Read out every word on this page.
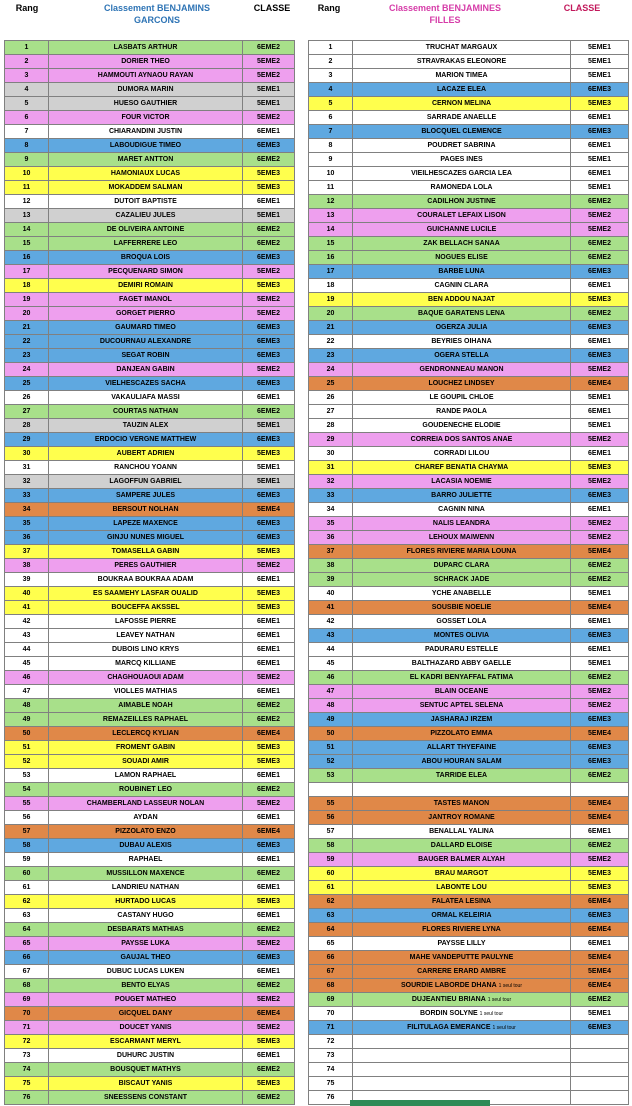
Rang	Classement BENJAMINS GARCONS
CLASSE	Rang	Classement BENJAMINES FILLES
CLASSE
1	LASBATS ARTHUR	6EME2
2	DORIER THEO	5EME2
3	HAMMOUTI AYNAOU RAYAN	5EME2
4	DUMORA MARIN	5EME1
5	HUESO GAUTHIER	5EME1
6	FOUR VICTOR	5EME2
7	CHIARANDINI JUSTIN	6EME1
8	LABOUDIGUE TIMEO	6EME3
9	MARET ANTTON	6EME2
10	HAMONIAUX LUCAS	5EME3
11	MOKADDEM SALMAN	5EME3
12	DUTOIT BAPTISTE	6EME1
13	CAZALIEU JULES	5EME1
14	DE OLIVEIRA ANTOINE	6EME2
15	LAFFERRERE LEO	6EME2
16	BROQUA LOIS	6EME3
17	PECQUENARD SIMON	5EME2
18	DEMIRI ROMAIN	5EME3
19	FAGET IMANOL	5EME2
20	GORGET PIERRO	5EME2
21	GAUMARD TIMEO	6EME3
22	DUCOURNAU ALEXANDRE	6EME3
23	SEGAT ROBIN	6EME3
24	DANJEAN GABIN	5EME2
25	VIELHESCAZES SACHA	6EME3
26	VAKAULIAFA MASSI	6EME1
27	COURTAS NATHAN	6EME2
28	TAUZIN ALEX	5EME1
29	ERDOCIO VERGNE MATTHEW	6EME3
30	AUBERT ADRIEN	5EME3
31	RANCHOU YOANN	5EME1
32	LAGOFFUN GABRIEL	5EME1
33	SAMPERE JULES	6EME3
34	BERSOUT NOLHAN	5EME4
35	LAPEZE MAXENCE	6EME3
36	GINJU NUNES MIGUEL	6EME3
37	TOMASELLA GABIN	5EME3
38	PERES GAUTHIER	5EME2
39	BOUKRAA BOUKRAA ADAM	6EME1
40	ES SAAMEHY LASFAR OUALID	5EME3
41	BOUCEFFA AKSSEL	5EME3
42	LAFOSSE PIERRE	6EME1
43	LEAVEY NATHAN	6EME1
44	DUBOIS LINO KRYS	6EME1
45	MARCQ KILLIANE	6EME1
46	CHAGHOUAOUI ADAM	5EME2
47	VIOLLES MATHIAS	6EME1
48	AIMABLE NOAH	6EME2
49	REMAZEILLES RAPHAEL	6EME2
50	LECLERCQ KYLIAN	6EME4
51	FROMENT GABIN	5EME3
52	SOUADI AMIR	5EME3
53	LAMON RAPHAEL	6EME1
54	ROUBINET LEO	6EME2
55	CHAMBERLAND LASSEUR NOLAN	5EME2
56	AYDAN	6EME1
57	PIZZOLATO ENZO	6EME4
58	DUBAU ALEXIS	6EME3
59	RAPHAEL	6EME1
60	MUSSILLON MAXENCE	6EME2
61	LANDRIEU NATHAN	6EME1
62	HURTADO LUCAS	5EME3
63	CASTANY HUGO	6EME1
64	DESBARATS MATHIAS	6EME2
65	PAYSSE LUKA	5EME2
66	GAUJAL THEO	6EME3
67	DUBUC LUCAS LUKEN	6EME1
68	BENTO ELYAS	6EME2
69	POUGET MATHEO	5EME2
70	GICQUEL DANY	6EME4
71	DOUCET YANIS	5EME2
72	ESCARMANT MERYL	5EME3
73	DUHURC JUSTIN	6EME1
74	BOUSQUET MATHYS	6EME2
75	BISCAUT YANIS	5EME3
76	SNEESSENS CONSTANT	6EME2
1	TRUCHAT MARGAUX	5EME1
2	STRAVRAKAS ELEONORE	5EME1
3	MARION TIMEA	5EME1
4	LACAZE ELEA	6EME3
5	CERNON MELINA	5EME3
6	SARRADE ANAELLE	6EME1
7	BLOCQUEL CLEMENCE	6EME3
8	POUDRET SABRINA	6EME1
9	PAGES INES	5EME1
10	VIEILHESCAZES GARCIA LEA	6EME1
11	RAMONEDA LOLA	5EME1
12	CADILHON JUSTINE	6EME2
13	COURALET LEFAIX LISON	5EME2
14	GUICHANNE LUCILE	5EME2
15	ZAK BELLACH SANAA	6EME2
16	NOGUES ELISE	6EME2
17	BARBE LUNA	6EME3
18	CAGNIN CLARA	6EME1
19	BEN ADDOU NAJAT	5EME3
20	BAQUE GARATENS LENA	6EME2
21	OGERZA JULIA	6EME3
22	BEYRIES OIHANA	6EME1
23	OGERA STELLA	6EME3
24	GENDRONNEAU MANON	5EME2
25	LOUCHEZ LINDSEY	6EME4
26	LE GOUPIL CHLOE	5EME1
27	RANDE PAOLA	6EME1
28	GOUDENECHE ELODIE	5EME1
29	CORREIA DOS SANTOS ANAE	5EME2
30	CORRADI LILOU	6EME1
31	CHAREF BENATIA CHAYMA	5EME3
32	LACASIA NOEMIE	5EME2
33	BARRO JULIETTE	6EME3
34	CAGNIN NINA	6EME1
35	NALIS LEANDRA	5EME2
36	LEHOUX MAIWENN	5EME2
37	FLORES RIVIERE MARIA LOUNA	5EME4
38	DUPARC CLARA	6EME2
39	SCHRACK JADE	6EME2
40	YCHE ANABELLE	5EME1
41	SOUSBIE NOELIE	5EME4
42	GOSSET LOLA	6EME1
43	MONTES OLIVIA	6EME3
44	PADURARU ESTELLE	6EME1
45	BALTHAZARD ABBY GAELLE	5EME1
46	EL KADRI BENYAFFAL FATIMA	6EME2
47	BLAIN OCEANE	5EME2
48	SENTUC APTEL SELENA	5EME2
49	JASHARAJ IRZEM	6EME3
50	PIZZOLATO EMMA	5EME4
51	ALLART THYEFAINE	6EME3
52	ABOU HOURAN SALAM	6EME3
53	TARRIDE ELEA	6EME2

55	TASTES MANON	5EME4
56	JANTROY ROMANE	5EME4
57	BENALLAL YALINA	6EME1
58	DALLARD ELOISE	6EME2
59	BAUGER BALMER ALYAH	5EME2
60	BRAU MARGOT	5EME3
61	LABONTE LOU	5EME3
62	FALATEA LESINA	6EME4
63	ORMAL KELEIRIA	6EME3
64	FLORES RIVIERE LYNA	6EME4
65	PAYSSE LILLY	6EME1
66	MAHE VANDEPUTTE PAULYNE	5EME4
67	CARRERE ERARD AMBRE	5EME4
68	SOURDIE LABORDE DHANA 1 seul tour	6EME4
69	DUJEANTIEU BRIANA 1 seul tour	6EME2
70	BORDIN SOLYNE 1 seul tour	5EME1
71	FILITULAGA EMERANCE 1 seul tour	6EME3
72		
73		
74		
75		
76		
